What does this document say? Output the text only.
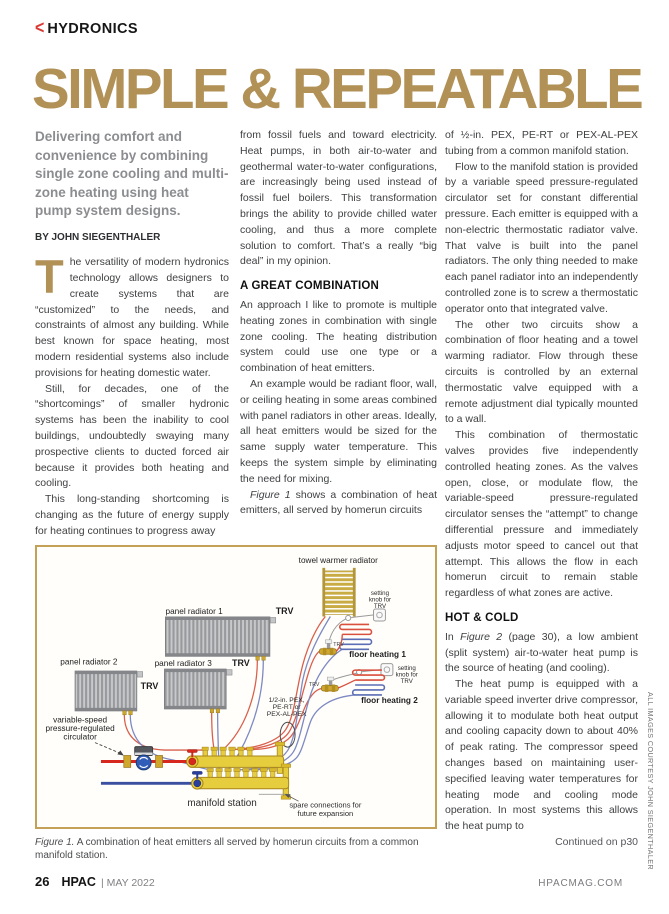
< HYDRONICS
SIMPLE & REPEATABLE
Delivering comfort and convenience by combining single zone cooling and multi-zone heating using heat pump system designs.
BY JOHN SIEGENTHALER

The versatility of modern hydronics technology allows designers to create systems that are “customized” to the needs, and constraints of almost any building. While best known for space heating, most modern residential systems also include provisions for heating domestic water.

Still, for decades, one of the “shortcomings” of smaller hydronic systems has been the inability to cool buildings, undoubtedly swaying many prospective clients to ducted forced air because it provides both heating and cooling.

This long-standing shortcoming is changing as the future of energy supply for heating continues to progress away

from fossil fuels and toward electricity. Heat pumps, in both air-to-water and geothermal water-to-water configurations, are increasingly being used instead of fossil fuel boilers. This transformation brings the ability to provide chilled water cooling, and thus a more complete solution to comfort. That’s a really “big deal” in my opinion.

A GREAT COMBINATION

An approach I like to promote is multiple heating zones in combination with single zone cooling. The heating distribution system could use one type or a combination of heat emitters.

An example would be radiant floor, wall, or ceiling heating in some areas combined with panel radiators in other areas. Ideally, all heat emitters would be sized for the same supply water temperature. This keeps the system simple by eliminating the need for mixing.

Figure 1 shows a combination of heat emitters, all served by homerun circuits

of ½-in. PEX, PE-RT or PEX-AL-PEX tubing from a common manifold station.

Flow to the manifold station is provided by a variable speed pressure-regulated circulator set for constant differential pressure. Each emitter is equipped with a non-electric thermostatic radiator valve. That valve is built into the panel radiators. The only thing needed to make each panel radiator into an independently controlled zone is to screw a thermostatic operator onto that integrated valve.

The other two circuits show a combination of floor heating and a towel warming radiator. Flow through these circuits is controlled by an external thermostatic valve equipped with a remote adjustment dial typically mounted to a wall.

This combination of thermostatic valves provides five independently controlled heating zones. As the valves open, close, or modulate flow, the variable-speed pressure-regulated circulator senses the “attempt” to change differential pressure and immediately adjusts motor speed to cancel out that attempt. This allows the flow in each homerun circuit to remain stable regardless of what zones are active.

HOT & COLD

In Figure 2 (page 30), a low ambient (split system) air-to-water heat pump is the source of heating (and cooling).

The heat pump is equipped with a variable speed inverter drive compressor, allowing it to modulate both heat output and cooling capacity down to about 40% of peak rating. The compressor speed changes based on maintaining user-specified leaving water temperatures for heating mode and cooling mode operation. In most systems this allows the heat pump to

Continued on p30

towel warmer radiator
setting
knob for
TRV
panel radiator 1	TRV
panel radiator 2
TRV
panel radiator 3 TRV
floor heating 1
TRV
setting
knob for
TRV
floor heating 2
TRV
1/2-in. PEX,
PE-RT or
PEX-AL-PEX
variable-speed
pressure-regulated
circulator
manifold station	spare connections for
future expansion
Figure 1. A combination of heat emitters all served by homerun circuits from a common manifold station.
26 HPAC | MAY 2022	HPACMAG.COM
ALL IMAGES COURTESY JOHN SIEGENTHALER
